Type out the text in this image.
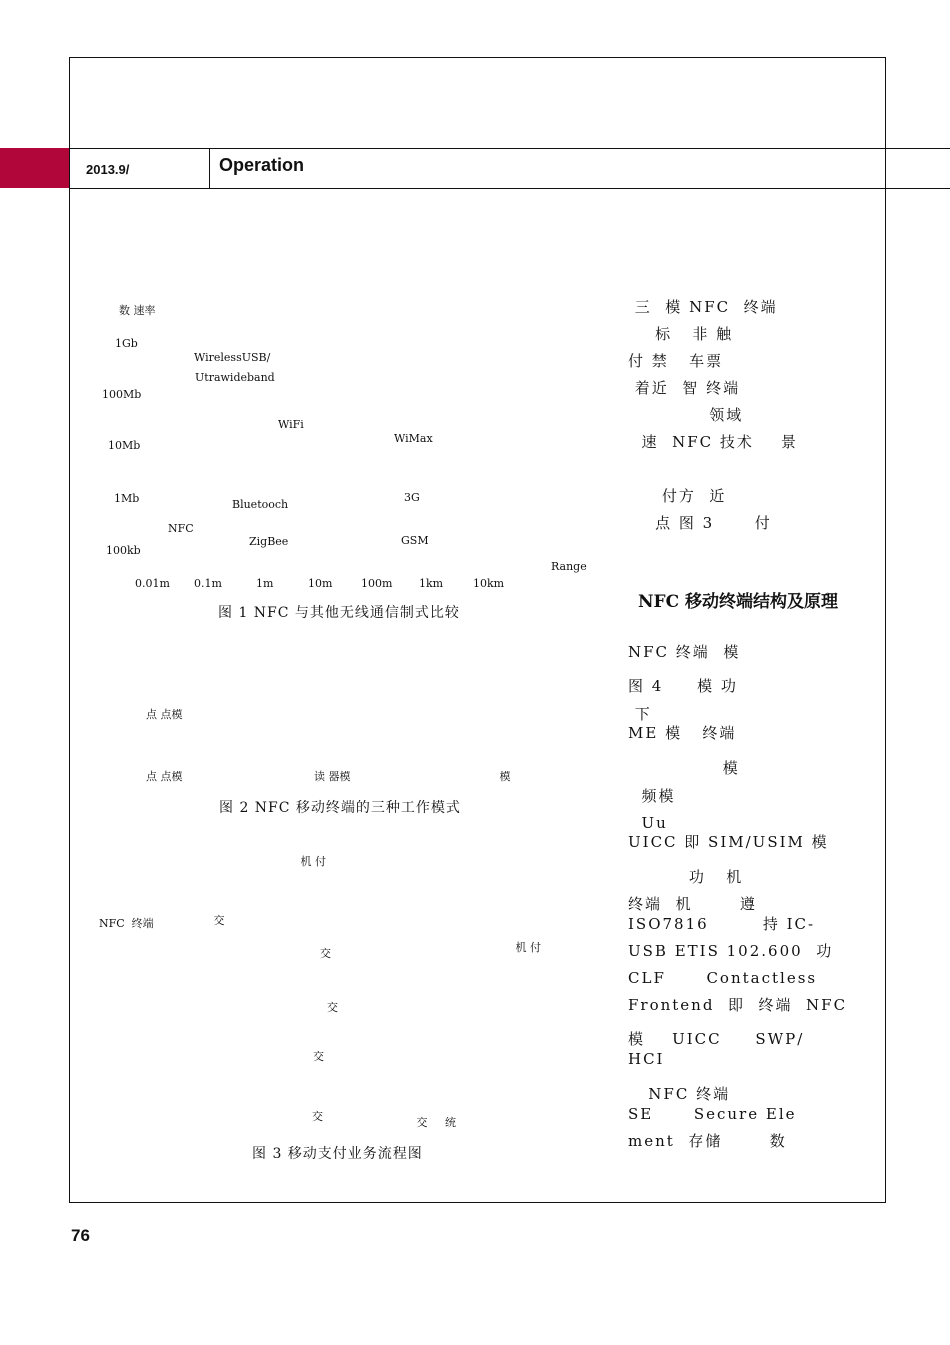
2013.9/	Operation
76
数​ 速率
1Gb
100Mb
10Mb
1Mb
100kb
0.01m 0.1m	1m	10m	100m 1km	10km
Range
WirelessUSB/
Utrawideband
WiFi
WiMax
Bluetooch
3G
NFC
ZigBee	GSM
图 1 NFC 与其他无线通信制式比较
点​ 点模​
点​ 点模​	读​ 器模​	​ 模​
图 2 NFC 移动终端的三种工作模式
​ ​ ​ 机​ 付​ ​ ​
NFC​ ​ 终端	​ ​ ​ 交​ ​	​ ​ ​​ ​
​ ​ ​ ​
​ ​ 交​ ​ ​ ​ ​	​ 机​ 付​ ​
​ ​ 交​ ​ ​	​ ​ ​ ​ ​
​ ​ ​​ ​
交​ ​ ​ ​ ​
​ ​ 交​ ​ ​	​ 交​ ​ ​ ​ ​ 统
图 3 移动支付业务流程图
​ 三​ ​ 模​ ​NFC​ ​ 终端​ ​
​ ​ ​ ​ 标​ ​​ ​ 非​ 触​ ​ ​
付​​ 禁​ ​ ​ 车票​ ​
​ 着近​ ​ 智​ 终端​ ​ ​
​ ​ ​ ​ ​ ​ ​​ ​ ​ ​ ​ ​ 领域
​ ​ 速​ ​ ​NFC 技术​ ​ ​ ​ 景
​ ​ ​ ​ ​ ​ ​ ​ ​ ​ ​ ​ ​ ​ ​ ​
​ ​ ​ ​ ​ 付方​ ​ 近​ ​ ​ ​
​ ​ ​ ​ 点​ 图 3​ ​ ​ ​ ​ ​ 付
​ ​ ​ ​ ​
NFC 移动终端结构及原理
NFC 终端​ ​ 模​ ​ ​ ​ ​
图 4​ ​ ​​ ​ ​ 模​ 功​ ​ ​ ​
​ 下​
ME 模​ ​ ​ 终端​ ​ ​ ​ ​
​ ​ ​ ​ ​ ​ ​ ​ ​ ​ ​ ​ ​ ​ 模
​ ​​ 频模​ ​ ​​ ​ ​ ​ ​ ​ ​
​ ​ Uu​ ​ ​ ​ ​
UICC​ 即 SIM/USIM​ 模​ ​
​ ​ ​ ​ ​ ​ ​ ​ ​ 功​ ​​ ​ 机
终端​ ​ 机​ ​ ​ ​ ​ ​ ​ 遵​
ISO7816​ ​ ​ ​ ​ ​ ​ ​ 持 IC-
USB ETIS 102.600​ ​ 功​ ​
CLF​ ​ ​ ​ ​ ​ ​Contactless
Frontend​ ​ 即​ ​ 终端​ ​ NFC
模​ ​ ​ ​ UICC​ ​ ​ ​ ​ SWP/
HCI​ ​ ​ ​ ​ ​​ ​ ​ ​ ​ ​ ​ ​
​ ​ ​ NFC 终端​ ​ ​
SE​ ​ ​ ​ ​ ​ ​Secure Ele
ment​ ​ 存储​ ​ ​​ ​ ​ ​ ​ 数
